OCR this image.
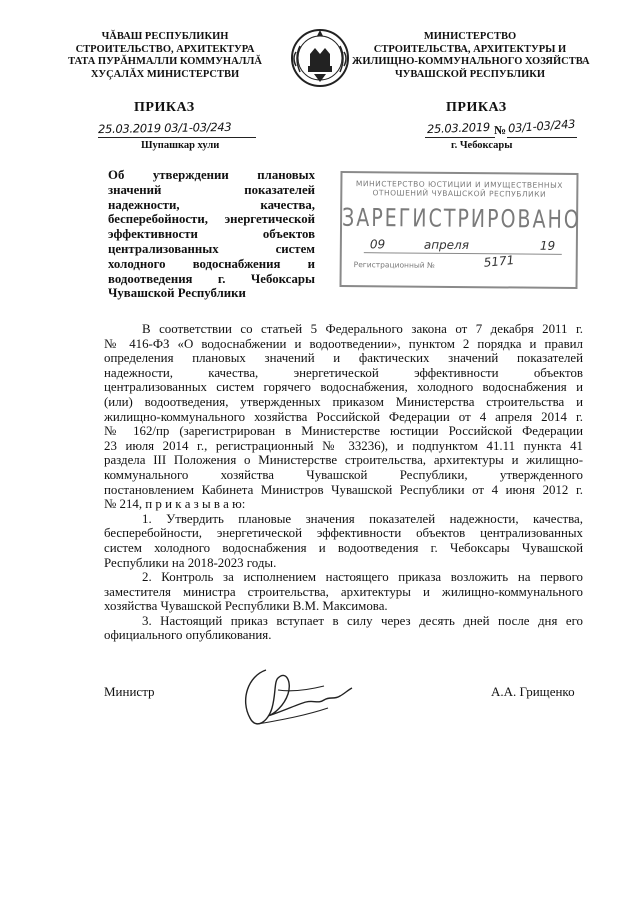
ЧĂВАШ РЕСПУБЛИКИН
СТРОИТЕЛЬСТВО, АРХИТЕКТУРА
ТАТА ПУРĂНМАЛЛИ КОММУНАЛЛĂ
ХУÇАЛĂХ МИНИСТЕРСТВИ
ПРИКАЗ
25.03.2019 03/1-03/243
Шупашкар хули
МИНИСТЕРСТВО
СТРОИТЕЛЬСТВА, АРХИТЕКТУРЫ И
ЖИЛИЩНО-КОММУНАЛЬНОГО ХОЗЯЙСТВА
ЧУВАШСКОЙ РЕСПУБЛИКИ
ПРИКАЗ
25.03.2019 № 03/1-03/243
г. Чебоксары
Об утверждении плановых
значений показателей
надежности, качества,
бесперебойности, энергетической
эффективности объектов
централизованных систем
холодного водоснабжения и
водоотведения г. Чебоксары
Чувашской Республики
МИНИСТЕРСТВО ЮСТИЦИИ И ИМУЩЕСТВЕННЫХ
ОТНОШЕНИЙ ЧУВАШСКОЙ РЕСПУБЛИКИ
ЗАРЕГИСТРИРОВАНО
09	апреля	19
Регистрационный №	5171
В соответствии со статьей 5 Федерального закона от 7 декабря 2011 г.
№ 416-ФЗ «О водоснабжении и водоотведении», пунктом 2 порядка и правил
определения плановых значений и фактических значений показателей
надежности, качества, энергетической эффективности объектов
централизованных систем горячего водоснабжения, холодного водоснабжения и
(или) водоотведения, утвержденных приказом Министерства строительства и
жилищно-коммунального хозяйства Российской Федерации от 4 апреля 2014 г.
№ 162/пр (зарегистрирован в Министерстве юстиции Российской Федерации
23 июля 2014 г., регистрационный № 33236), и подпунктом 41.11 пункта 41
раздела III Положения о Министерстве строительства, архитектуры и жилищно-
коммунального хозяйства Чувашской Республики, утвержденного
постановлением Кабинета Министров Чувашской Республики от 4 июня 2012 г.
№ 214, п р и к а з ы в а ю:
1. Утвердить плановые значения показателей надежности, качества,
бесперебойности, энергетической эффективности объектов централизованных
систем холодного водоснабжения и водоотведения г. Чебоксары Чувашской
Республики на 2018-2023 годы.
2. Контроль за исполнением настоящего приказа возложить на первого
заместителя министра строительства, архитектуры и жилищно-коммунального
хозяйства Чувашской Республики В.М. Максимова.
3. Настоящий приказ вступает в силу через десять дней после дня его
официального опубликования.
Министр	А.А. Грищенко
